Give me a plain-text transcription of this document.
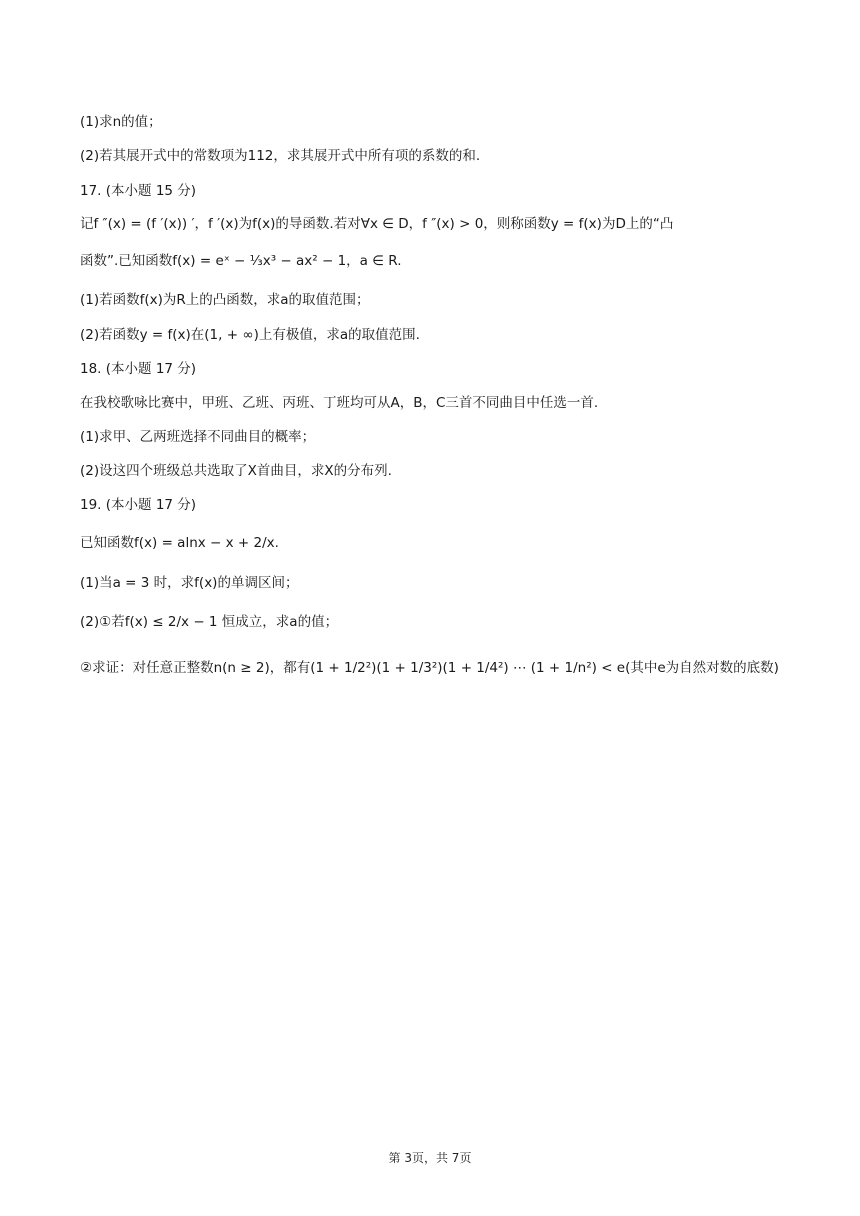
(1)求n的值；
(2)若其展开式中的常数项为112，求其展开式中所有项的系数的和.
17. (本小题 15 分)
记f ″(x) = (f ′(x)) ′，f ′(x)为f(x)的导函数.若对∀x ∈ D，f ″(x) > 0，则称函数y = f(x)为D上的“凸
函数”.已知函数f(x) = eˣ − ⅓x³ − ax² − 1，a ∈ R.
(1)若函数f(x)为R上的凸函数，求a的取值范围；
(2)若函数y = f(x)在(1, + ∞)上有极值，求a的取值范围.
18. (本小题 17 分)
在我校歌咏比赛中，甲班、乙班、丙班、丁班均可从A，B，C三首不同曲目中任选一首.
(1)求甲、乙两班选择不同曲目的概率；
(2)设这四个班级总共选取了X首曲目，求X的分布列.
19. (本小题 17 分)
已知函数f(x) = alnx − x + 2/x.
(1)当a = 3 时，求f(x)的单调区间；
(2)①若f(x) ≤ 2/x − 1 恒成立，求a的值；
②求证：对任意正整数n(n ≥ 2)，都有(1 + 1/2²)(1 + 1/3²)(1 + 1/4²) ⋯ (1 + 1/n²) < e(其中e为自然对数的底数)
第 3页，共 7页
